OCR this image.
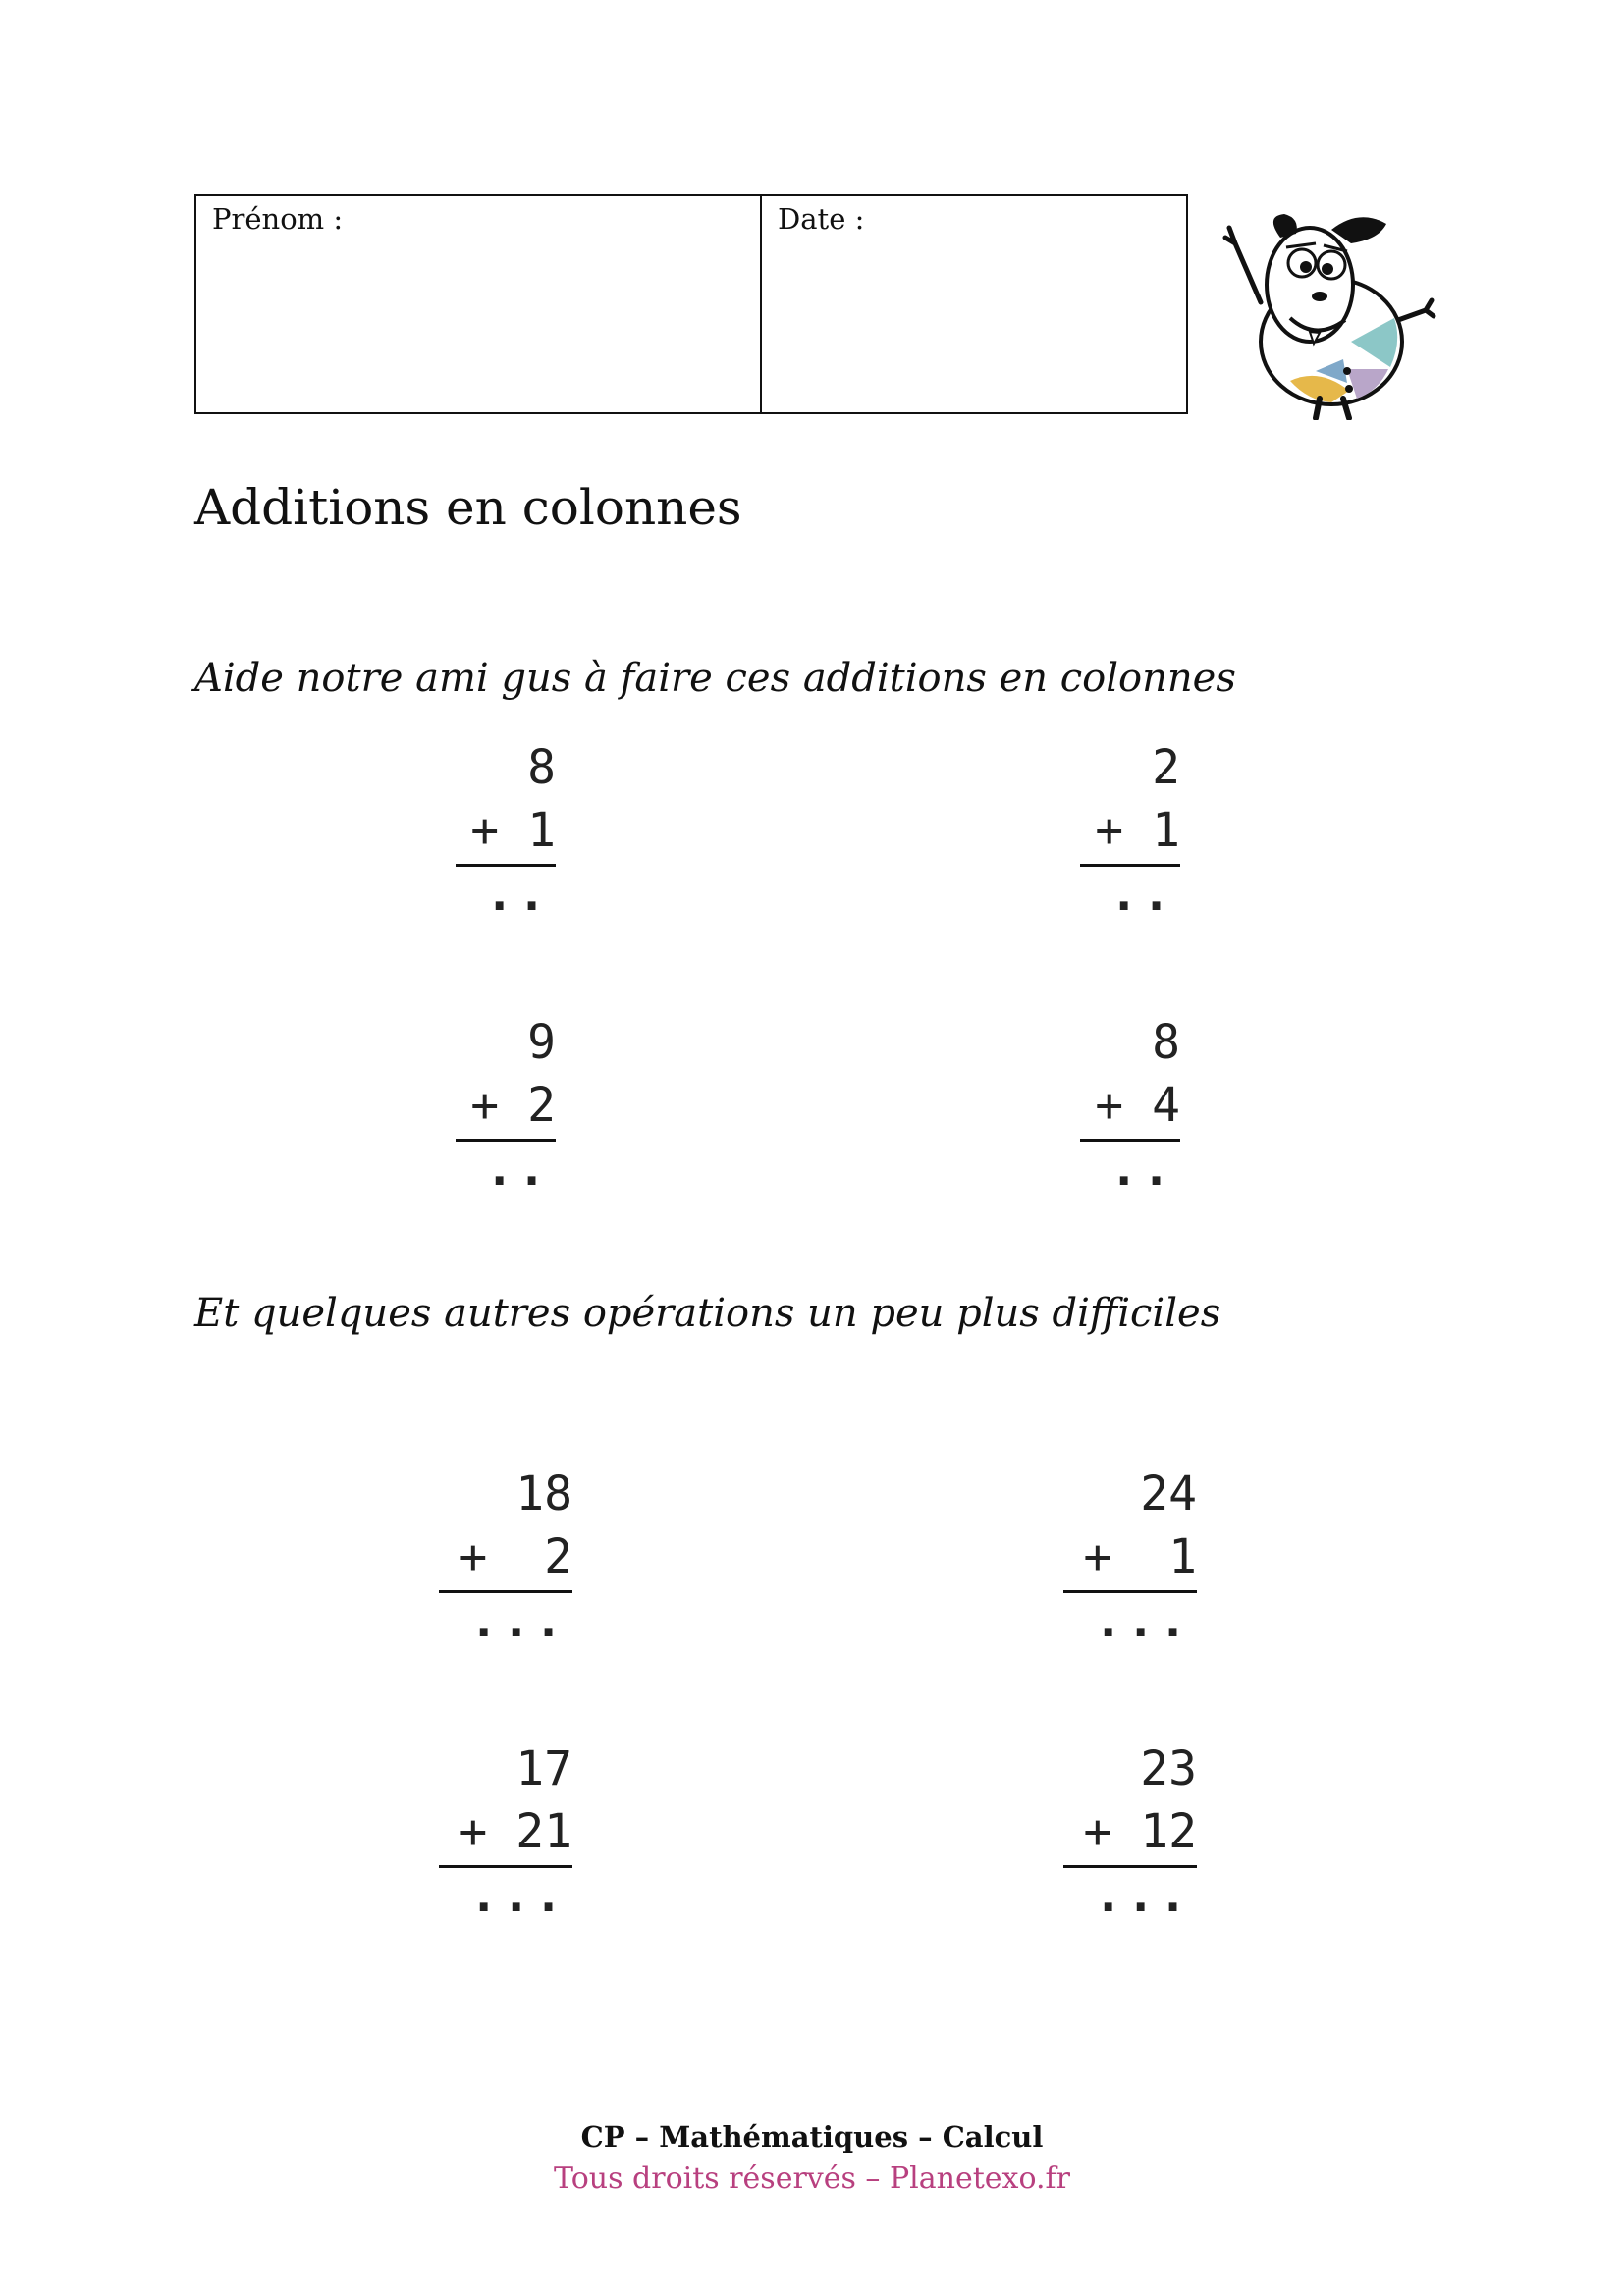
Prénom :	Date :
Additions en colonnes
Aide notre ami gus à faire ces additions en colonnes
8
+ 1
..
2
+ 1
..
9
+ 2
..
8
+ 4
..
Et quelques autres opérations un peu plus difficiles
18
+  2
...
24
+  1
...
17
+ 21
...
23
+ 12
...
CP – Mathématiques – Calcul
Tous droits réservés – Planetexo.fr
